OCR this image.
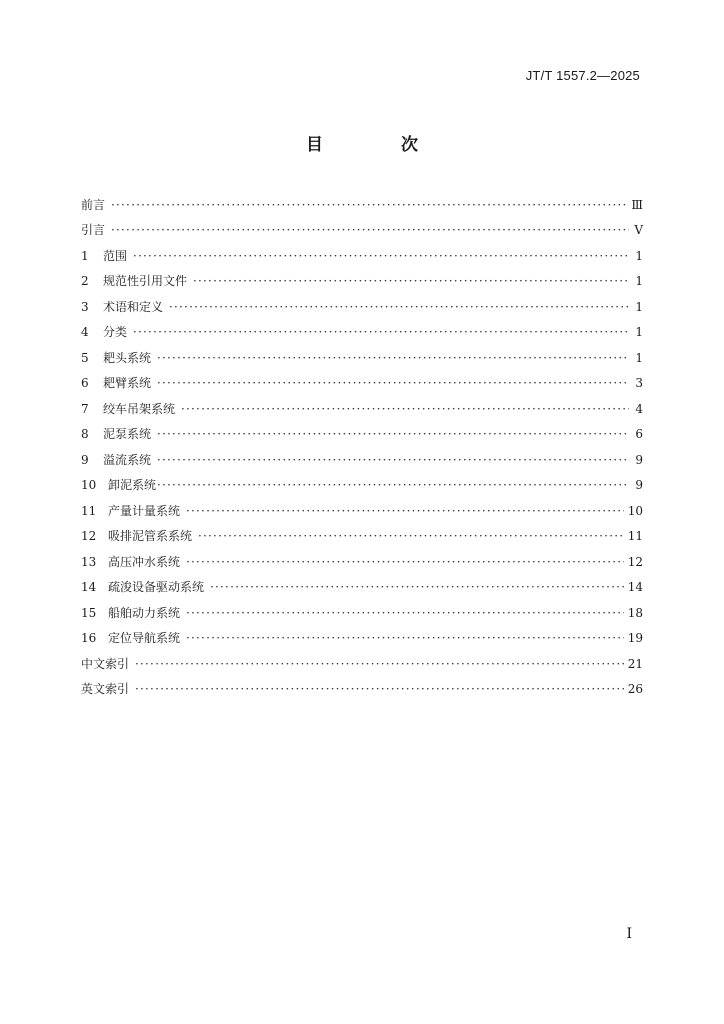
JT/T 1557.2—2025
目 次
前言 ·····	Ⅲ
引言 ·····	Ⅴ
1	范围 ·····	1
2	规范性引用文件 ·····	1
3	术语和定义 ·····	1
4	分类 ·····	1
5	耙头系统 ·····	1
6	耙臂系统 ·····	3
7	绞车吊架系统 ·····	4
8	泥泵系统 ·····	6
9	溢流系统 ·····	9
10 卸泥系统 ·····	9
11 产量计量系统 ·····	10
12 吸排泥管系系统 ·····	11
13 高压冲水系统 ·····	12
14 疏浚设备驱动系统 ·····	14
15 船舶动力系统 ·····	18
16 定位导航系统 ·····	19
中文索引 ·····	21
英文索引 ·····	26
I
